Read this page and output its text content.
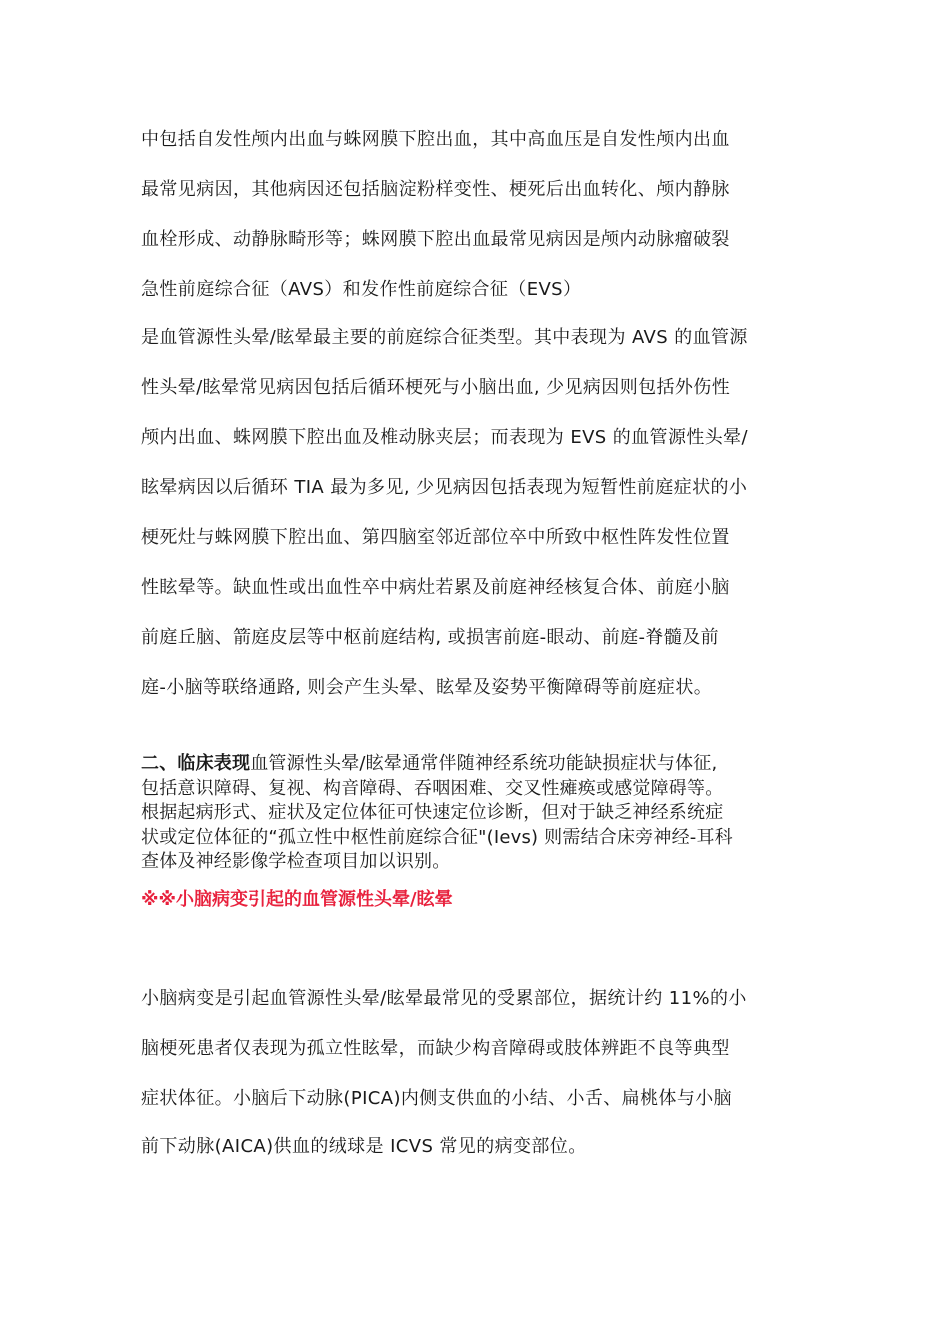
中包括自发性颅内出血与蛛网膜下腔出血，其中高血压是自发性颅内出血
最常见病因，其他病因还包括脑淀粉样变性、梗死后出血转化、颅内静脉
血栓形成、动静脉畸形等；蛛网膜下腔出血最常见病因是颅内动脉瘤破裂
急性前庭综合征（AVS）和发作性前庭综合征（EVS）
是血管源性头晕/眩晕最主要的前庭综合征类型。其中表现为 AVS 的血管源
性头晕/眩晕常见病因包括后循环梗死与小脑出血, 少见病因则包括外伤性
颅内出血、蛛网膜下腔出血及椎动脉夹层；而表现为 EVS 的血管源性头晕/
眩晕病因以后循环 TIA 最为多见, 少见病因包括表现为短暂性前庭症状的小
梗死灶与蛛网膜下腔出血、第四脑室邻近部位卒中所致中枢性阵发性位置
性眩晕等。缺血性或出血性卒中病灶若累及前庭神经核复合体、前庭小脑
前庭丘脑、箭庭皮层等中枢前庭结构, 或损害前庭-眼动、前庭-脊髓及前
庭-小脑等联络通路, 则会产生头晕、眩晕及姿势平衡障碍等前庭症状。
二、临床表现血管源性头晕/眩晕通常伴随神经系统功能缺损症状与体征,
包括意识障碍、复视、构音障碍、吞咽困难、交叉性瘫痪或感觉障碍等。
根据起病形式、症状及定位体征可快速定位诊断，但对于缺乏神经系统症
状或定位体征的“孤立性中枢性前庭综合征"(Ievs) 则需结合床旁神经-耳科
查体及神经影像学检查项目加以识别。
※※小脑病变引起的血管源性头晕/眩晕
小脑病变是引起血管源性头晕/眩晕最常见的受累部位，据统计约 11%的小
脑梗死患者仅表现为孤立性眩晕，而缺少构音障碍或肢体辨距不良等典型
症状体征。小脑后下动脉(PICA)内侧支供血的小结、小舌、扁桃体与小脑
前下动脉(AICA)供血的绒球是 ICVS 常见的病变部位。
